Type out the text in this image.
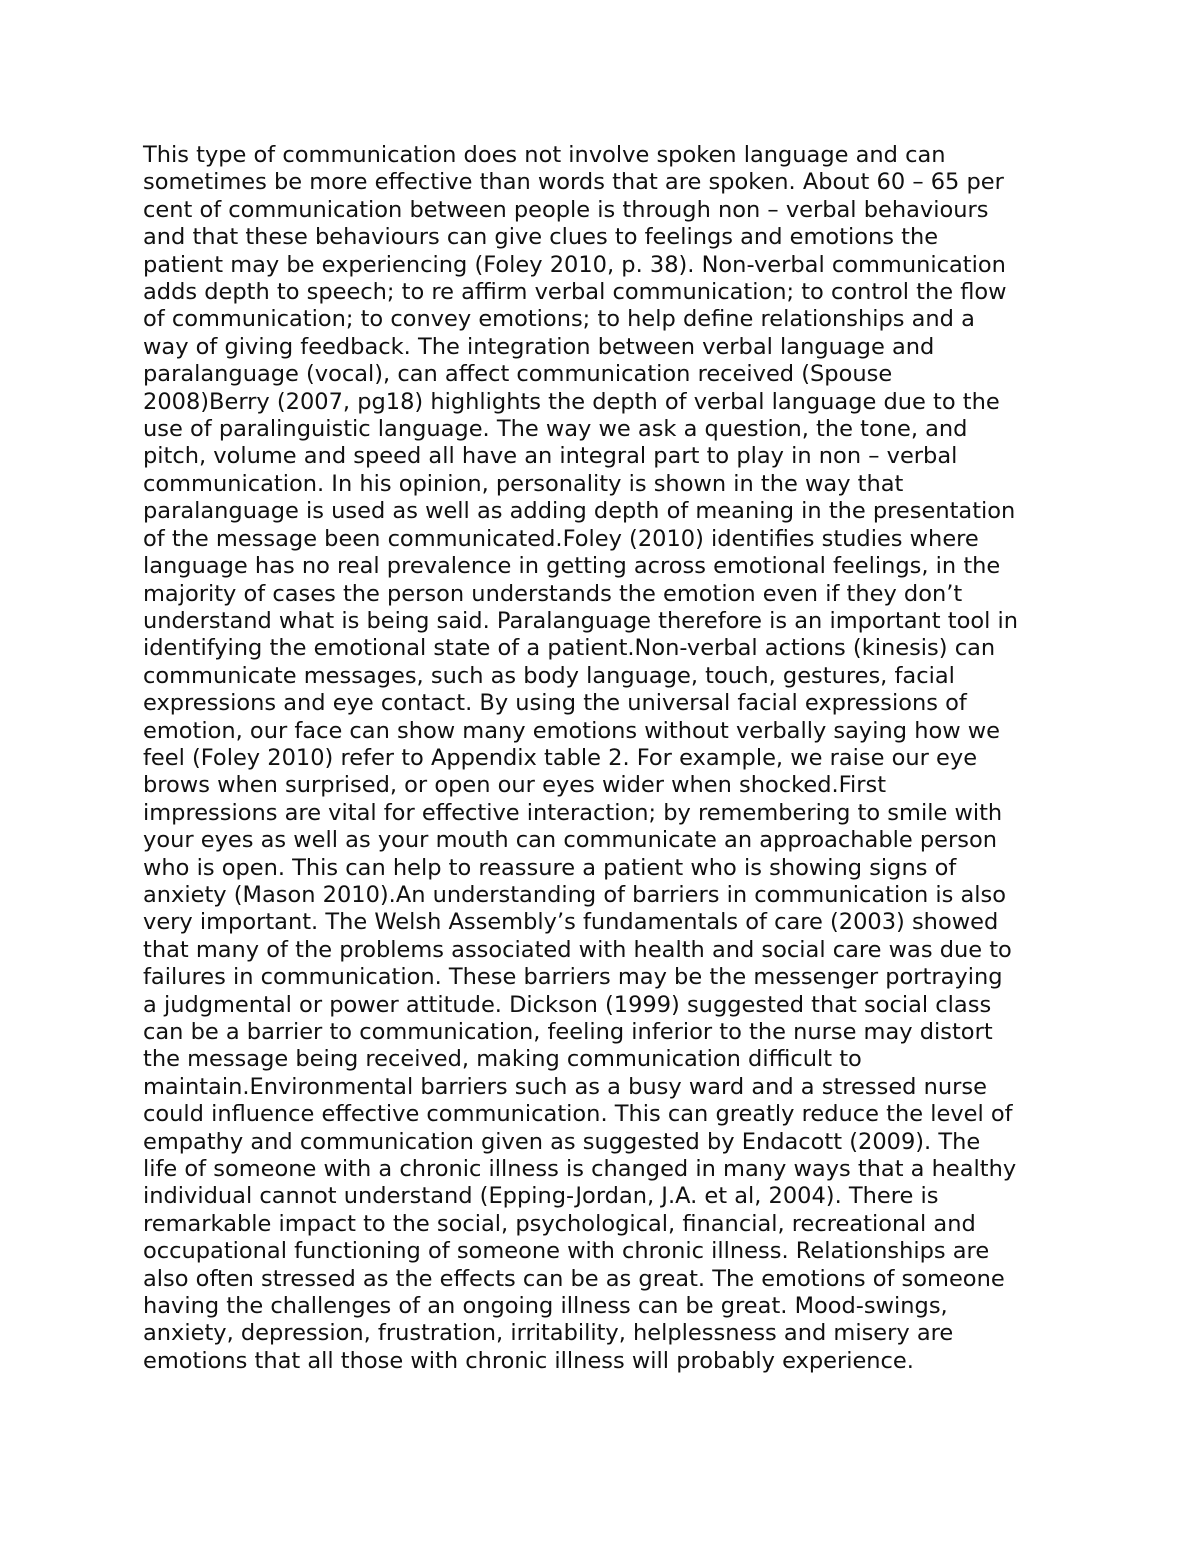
This type of communication does not involve spoken language and can
sometimes be more effective than words that are spoken. About 60 – 65 per
cent of communication between people is through non – verbal behaviours
and that these behaviours can give clues to feelings and emotions the
patient may be experiencing (Foley 2010, p. 38). Non-verbal communication
adds depth to speech; to re affirm verbal communication; to control the flow
of communication; to convey emotions; to help define relationships and a
way of giving feedback. The integration between verbal language and
paralanguage (vocal), can affect communication received (Spouse
2008)Berry (2007, pg18) highlights the depth of verbal language due to the
use of paralinguistic language. The way we ask a question, the tone, and
pitch, volume and speed all have an integral part to play in non – verbal
communication. In his opinion, personality is shown in the way that
paralanguage is used as well as adding depth of meaning in the presentation
of the message been communicated.Foley (2010) identifies studies where
language has no real prevalence in getting across emotional feelings, in the
majority of cases the person understands the emotion even if they don’t
understand what is being said. Paralanguage therefore is an important tool in
identifying the emotional state of a patient.Non-verbal actions (kinesis) can
communicate messages, such as body language, touch, gestures, facial
expressions and eye contact. By using the universal facial expressions of
emotion, our face can show many emotions without verbally saying how we
feel (Foley 2010) refer to Appendix table 2. For example, we raise our eye
brows when surprised, or open our eyes wider when shocked.First
impressions are vital for effective interaction; by remembering to smile with
your eyes as well as your mouth can communicate an approachable person
who is open. This can help to reassure a patient who is showing signs of
anxiety (Mason 2010).An understanding of barriers in communication is also
very important. The Welsh Assembly’s fundamentals of care (2003) showed
that many of the problems associated with health and social care was due to
failures in communication. These barriers may be the messenger portraying
a judgmental or power attitude. Dickson (1999) suggested that social class
can be a barrier to communication, feeling inferior to the nurse may distort
the message being received, making communication difficult to
maintain.Environmental barriers such as a busy ward and a stressed nurse
could influence effective communication. This can greatly reduce the level of
empathy and communication given as suggested by Endacott (2009). The
life of someone with a chronic illness is changed in many ways that a healthy
individual cannot understand (Epping-Jordan, J.A. et al, 2004). There is
remarkable impact to the social, psychological, financial, recreational and
occupational functioning of someone with chronic illness. Relationships are
also often stressed as the effects can be as great. The emotions of someone
having the challenges of an ongoing illness can be great. Mood-swings,
anxiety, depression, frustration, irritability, helplessness and misery are
emotions that all those with chronic illness will probably experience.
